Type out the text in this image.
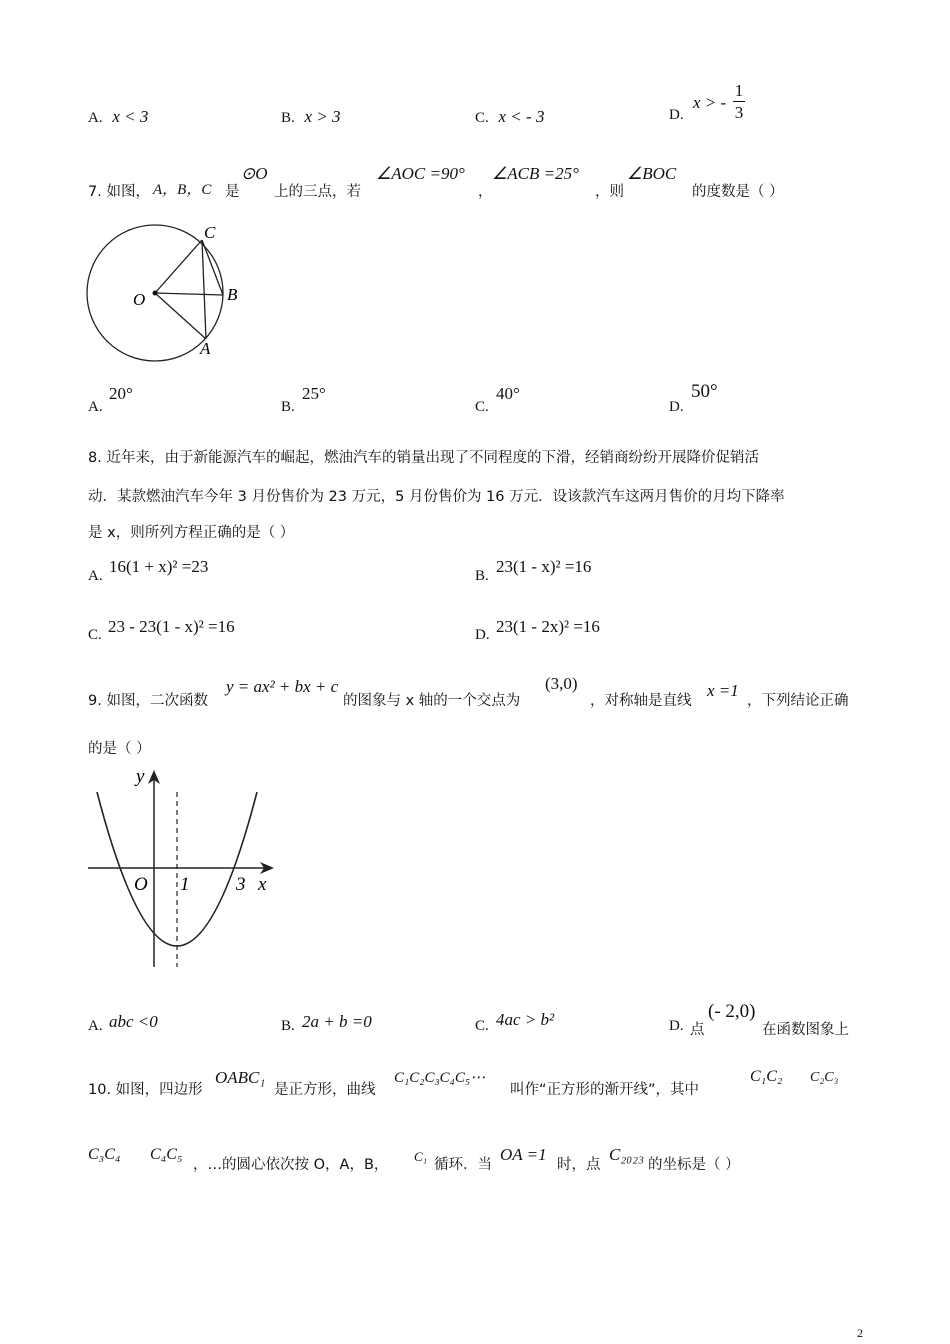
A. x < 3	B. x > 3	C. x < - 3	D.
x > - $\frac{1}{3}$
7. 如图， A，B，C 是
⊙O
上的三点，若
∠AOC =90°
，
∠ACB =25°
，则
∠BOC
的度数是（ ）
C
O	B
A
A.
20°
B.
25°
C.
40°
D.
50°
8. 近年来，由于新能源汽车的崛起，燃油汽车的销量出现了不同程度的下滑，经销商纷纷开展降价促销活
动．某款燃油汽车今年 3 月份售价为 23 万元，5 月份售价为 16 万元．设该款汽车这两月售价的月均下降率
是 x，则所列方程正确的是（ ）
A. 16(1 + x)² =23	B. 23(1 - x)² =16
C. 23 - 23(1 - x)² =16	D. 23(1 - 2x)² =16
9. 如图，二次函数
y = ax² + bx + c
的图象与 x 轴的一个交点为
(3,0)
，对称轴是直线
x =1
，下列结论正确
的是（ ）
y
O 1 3 x
A. abc <0	B. 2a + b =0	C. 4ac > b²	D. 点
(- 2,0)
在函数图象上
10. 如图，四边形
OABC₁
是正方形，曲线
C₁C₂C₃C₄C₅⋯
叫作“正方形的渐开线”，其中
C₁C₂ C₂C₃
C₃C₄ C₄C₅
，…的圆心依次按 O，A，B，
C₁
循环．当
OA =1
时，点
C₂₀₂₃
的坐标是（ ）
2
